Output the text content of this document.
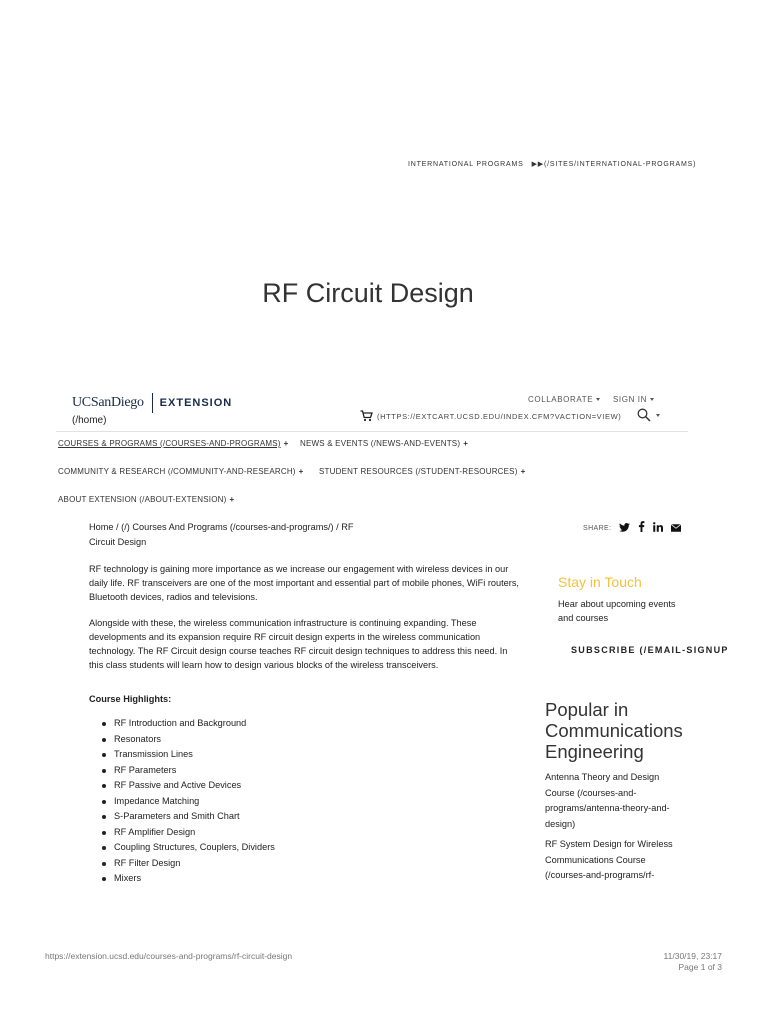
INTERNATIONAL PROGRAMS ▶▶(/SITES/INTERNATIONAL-PROGRAMS)
RF Circuit Design
UCSanDiego EXTENSION
(/home)
COLLABORATE	SIGN IN
(HTTPS://EXTCART.UCSD.EDU/INDEX.CFM?VACTION=VIEW)
COURSES & PROGRAMS (/COURSES-AND-PROGRAMS) + NEWS & EVENTS (/NEWS-AND-EVENTS) +
COMMUNITY & RESEARCH (/COMMUNITY-AND-RESEARCH) + STUDENT RESOURCES (/STUDENT-RESOURCES) +
ABOUT EXTENSION (/ABOUT-EXTENSION) +
Home / (/) Courses And Programs (/courses-and-programs/) / RF Circuit Design
SHARE:
RF technology is gaining more importance as we increase our engagement with wireless devices in our daily life. RF transceivers are one of the most important and essential part of mobile phones, WiFi routers, Bluetooth devices, radios and televisions.
Alongside with these, the wireless communication infrastructure is continuing expanding. These developments and its expansion require RF circuit design experts in the wireless communication technology. The RF Circuit design course teaches RF circuit design techniques to address this need. In this class students will learn how to design various blocks of the wireless transceivers.
Course Highlights:
RF Introduction and Background
Resonators
Transmission Lines
RF Parameters
RF Passive and Active Devices
Impedance Matching
S-Parameters and Smith Chart
RF Amplifier Design
Coupling Structures, Couplers, Dividers
RF Filter Design
Mixers
Stay in Touch
Hear about upcoming events and courses
SUBSCRIBE (/EMAIL-SIGNUP
Popular in Communications Engineering
Antenna Theory and Design Course (/courses-and-programs/antenna-theory-and-design)
RF System Design for Wireless Communications Course (/courses-and-programs/rf-
https://extension.ucsd.edu/courses-and-programs/rf-circuit-design	11/30/19, 23:17
Page 1 of 3
